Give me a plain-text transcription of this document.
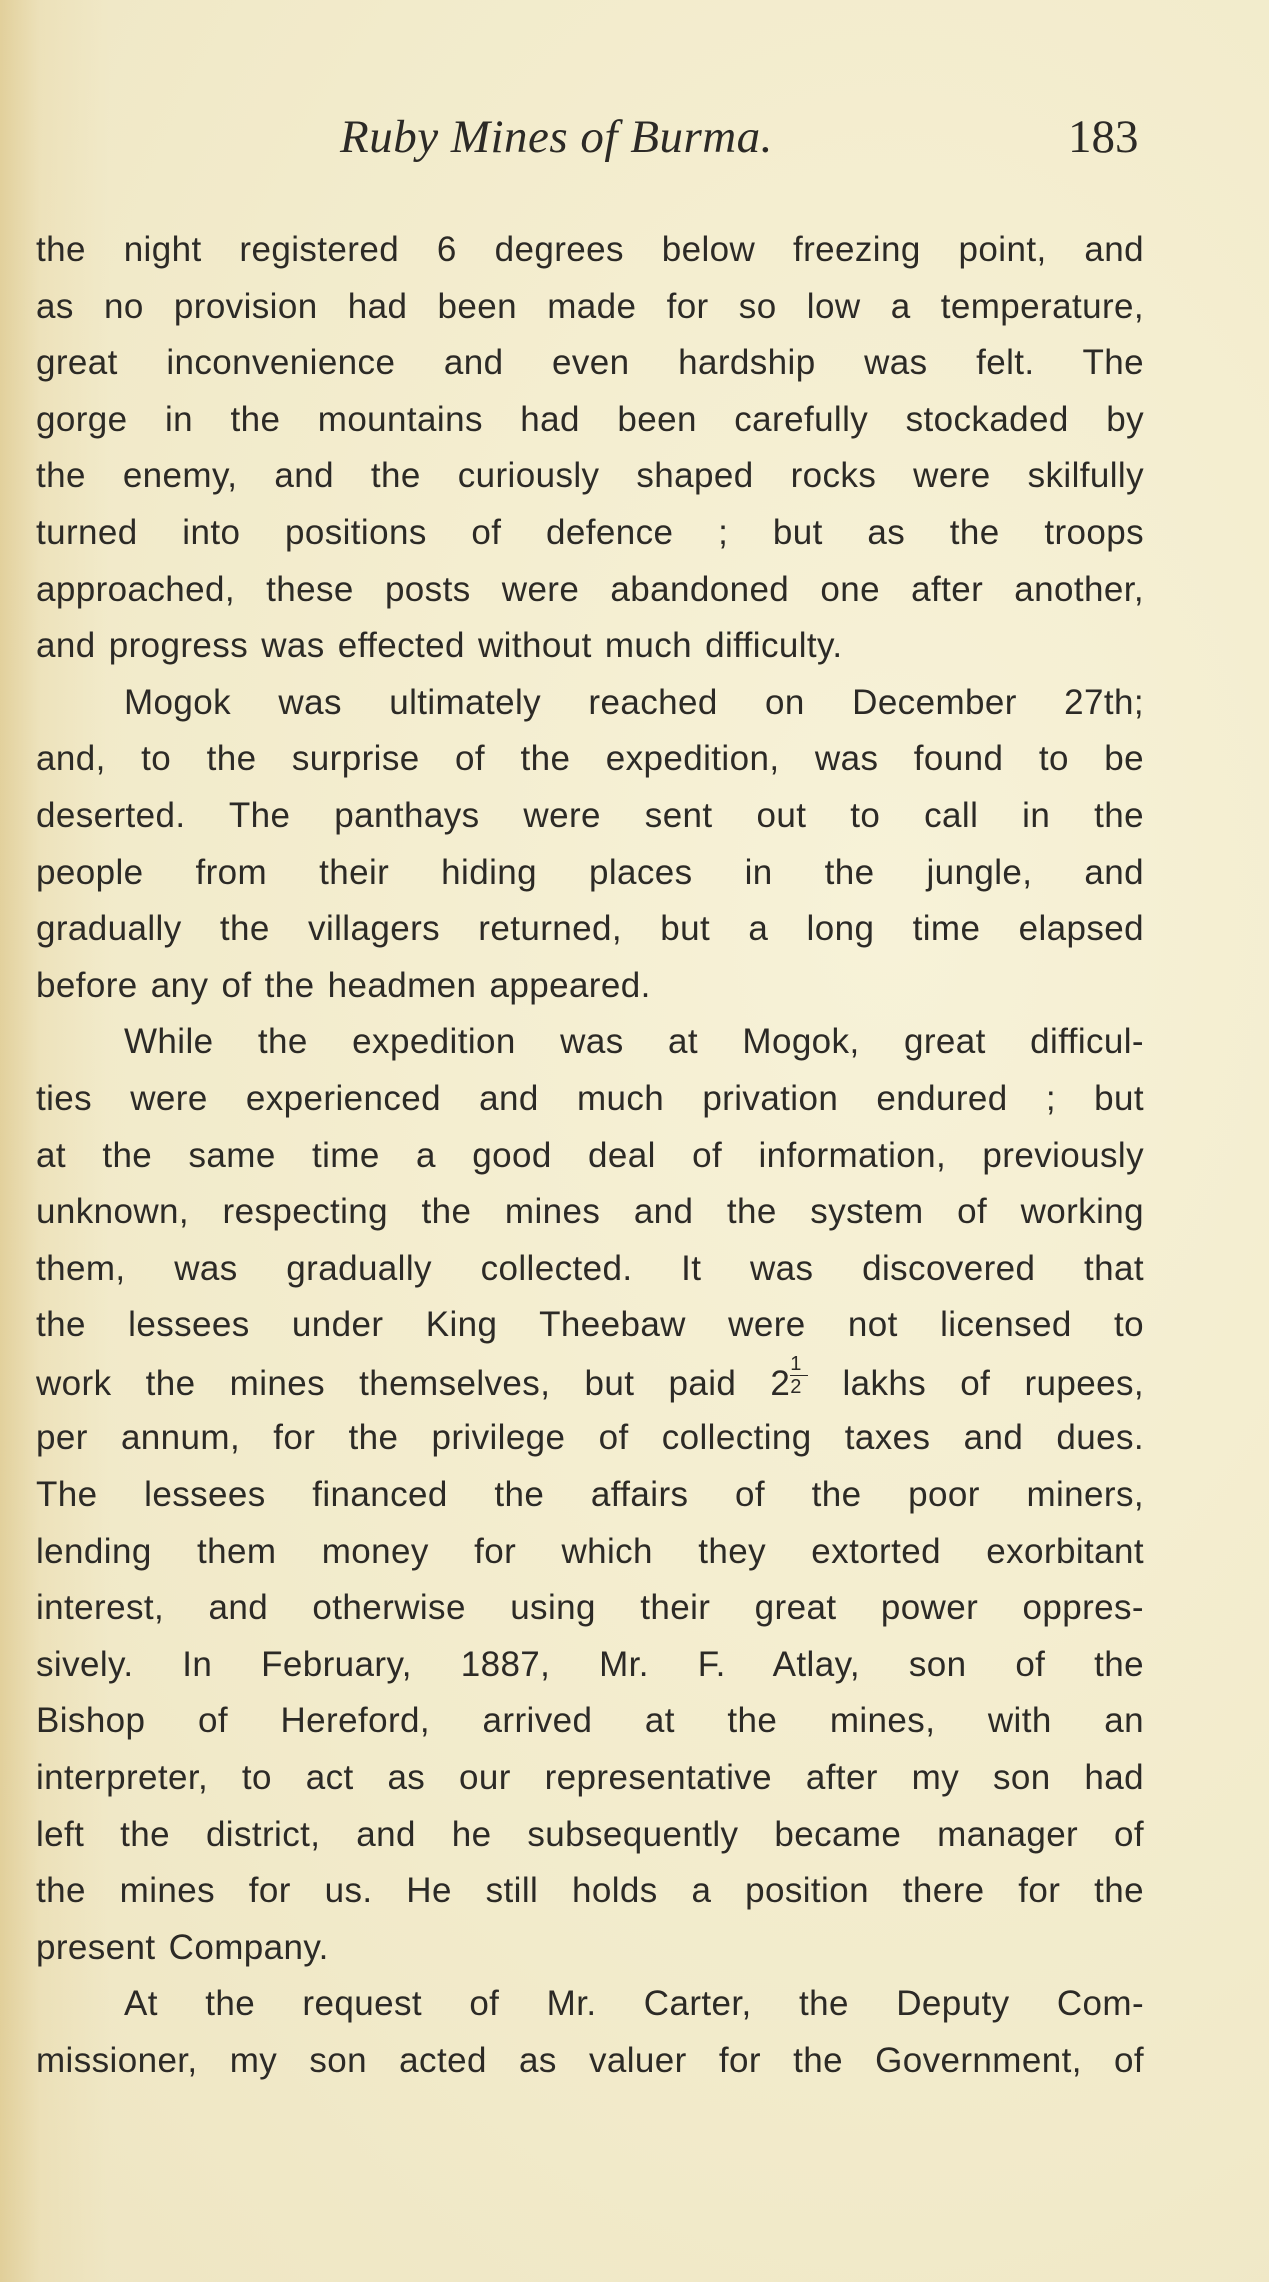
Ruby Mines of Burma.	183
the night registered 6 degrees below freezing point, and
as no provision had been made for so low a temperature,
great inconvenience and even hardship was felt. The
gorge in the mountains had been carefully stockaded by
the enemy, and the curiously shaped rocks were skilfully
turned into positions of defence ; but as the troops
approached, these posts were abandoned one after another,
and progress was effected without much difficulty.
Mogok was ultimately reached on December 27th;
and, to the surprise of the expedition, was found to be
deserted. The panthays were sent out to call in the
people from their hiding places in the jungle, and
gradually the villagers returned, but a long time elapsed
before any of the headmen appeared.
While the expedition was at Mogok, great difficul-
ties were experienced and much privation endured ; but
at the same time a good deal of information, previously
unknown, respecting the mines and the system of working
them, was gradually collected. It was discovered that
the lessees under King Theebaw were not licensed to
work the mines themselves, but paid $2 \frac{1}{2}$ lakhs of rupees,
per annum, for the privilege of collecting taxes and dues.
The lessees financed the affairs of the poor miners,
lending them money for which they extorted exorbitant
interest, and otherwise using their great power oppres-
sively. In February, 1887, Mr. F. Atlay, son of the
Bishop of Hereford, arrived at the mines, with an
interpreter, to act as our representative after my son had
left the district, and he subsequently became manager of
the mines for us. He still holds a position there for the
present Company.
At the request of Mr. Carter, the Deputy Com-
missioner, my son acted as valuer for the Government, of
